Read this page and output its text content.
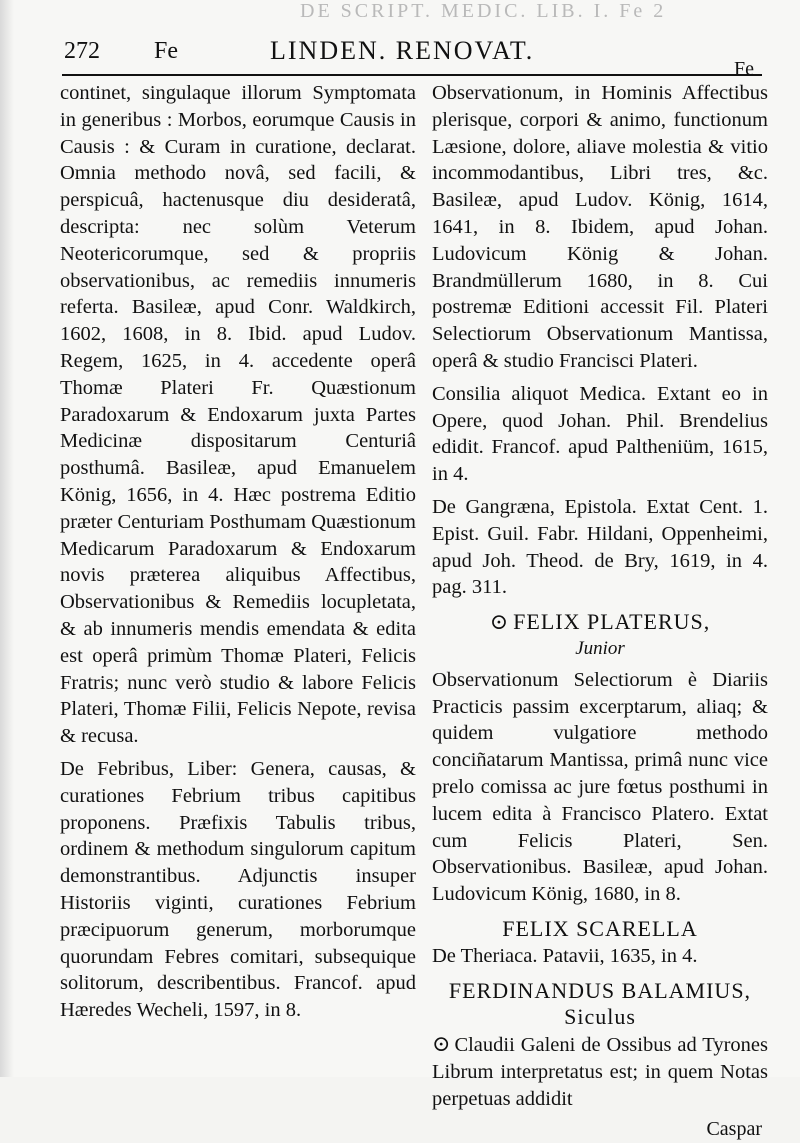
DE SCRIPT. MEDIC. LIB. I. Fe 2
272 Fe	LINDEN. RENOVAT.
Fe

continet, singulaque illorum Symptomata in generibus : Morbos, eorumque Causis in Causis : & Curam in curatione, declarat. Omnia methodo novâ, sed facili, & perspicuâ, hactenusque diu desideratâ, descripta: nec solùm Veterum Neotericorumque, sed & propriis observationibus, ac remediis innumeris referta. Basileæ, apud Conr. Waldkirch, 1602, 1608, in 8. Ibid. apud Ludov. Regem, 1625, in 4. accedente operâ Thomæ Plateri Fr. Quæstionum Paradoxarum & Endoxarum juxta Partes Medicinæ dispositarum Centuriâ posthumâ. Basileæ, apud Emanuelem König, 1656, in 4. Hæc postrema Editio præter Centuriam Posthumam Quæstionum Medicarum Paradoxarum & Endoxarum novis præterea aliquibus Affectibus, Observationibus & Remediis locupletata, & ab innumeris mendis emendata & edita est operâ primùm Thomæ Plateri, Felicis Fratris; nunc verò studio & labore Felicis Plateri, Thomæ Filii, Felicis Nepote, revisa & recusa.

De Febribus, Liber: Genera, causas, & curationes Febrium tribus capitibus proponens. Præfixis Tabulis tribus, ordinem & methodum singulorum capitum demonstrantibus. Adjunctis insuper Historiis viginti, curationes Febrium præcipuorum generum, morborumque quorundam Febres comitari, subsequique solitorum, describentibus. Francof. apud Hæredes Wecheli, 1597, in 8.

Observationum, in Hominis Affectibus plerisque, corpori & animo, functionum Læsione, dolore, aliave molestia & vitio incommodantibus, Libri tres, &c. Basileæ, apud Ludov. König, 1614, 1641, in 8. Ibidem, apud Johan. Ludovicum König & Johan. Brandmüllerum 1680, in 8. Cui postremæ Editioni accessit Fil. Plateri Selectiorum Observationum Mantissa, operâ & studio Francisci Plateri.

Consilia aliquot Medica. Extant eo in Opere, quod Johan. Phil. Brendelius edidit. Francof. apud Paltheniüm, 1615, in 4.

De Gangræna, Epistola. Extat Cent. 1. Epist. Guil. Fabr. Hildani, Oppenheimi, apud Joh. Theod. de Bry, 1619, in 4. pag. 311.

⊙ FELIX PLATERUS,

Junior

Observationum Selectiorum è Diariis Practicis passim excerptarum, aliaq; & quidem vulgatiore methodo conciñatarum Mantissa, primâ nunc vice prelo comissa ac jure fœtus posthumi in lucem edita à Francisco Platero. Extat cum Felicis Plateri, Sen. Observationibus. Basileæ, apud Johan. Ludovicum König, 1680, in 8.

FELIX SCARELLA

De Theriaca. Patavii, 1635, in 4.

FERDINANDUS BALAMIUS, Siculus

⊙ Claudii Galeni de Ossibus ad Tyrones Librum interpretatus est; in quem Notas perpetuas addidit

Caspar
